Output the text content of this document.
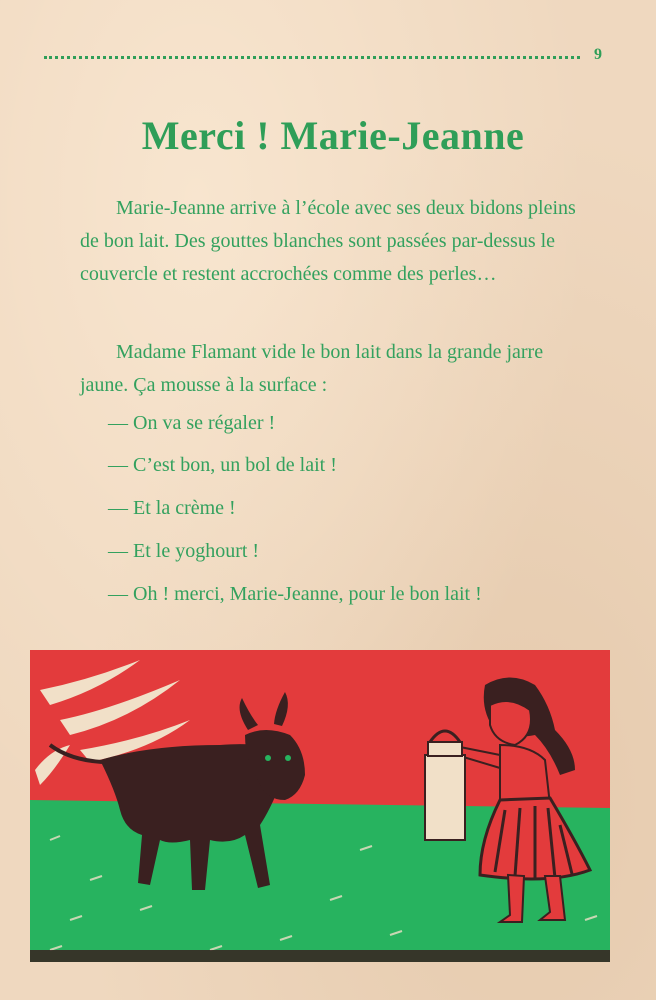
9
Merci ! Marie-Jeanne
Marie-Jeanne arrive à l’école avec ses deux bidons pleins de bon lait. Des gouttes blanches sont passées par-dessus le couvercle et restent accrochées comme des perles…
Madame Flamant vide le bon lait dans la grande jarre jaune. Ça mousse à la surface :
— On va se régaler !
— C’est bon, un bol de lait !
— Et la crème !
— Et le yoghourt !
— Oh ! merci, Marie-Jeanne, pour le bon lait !
